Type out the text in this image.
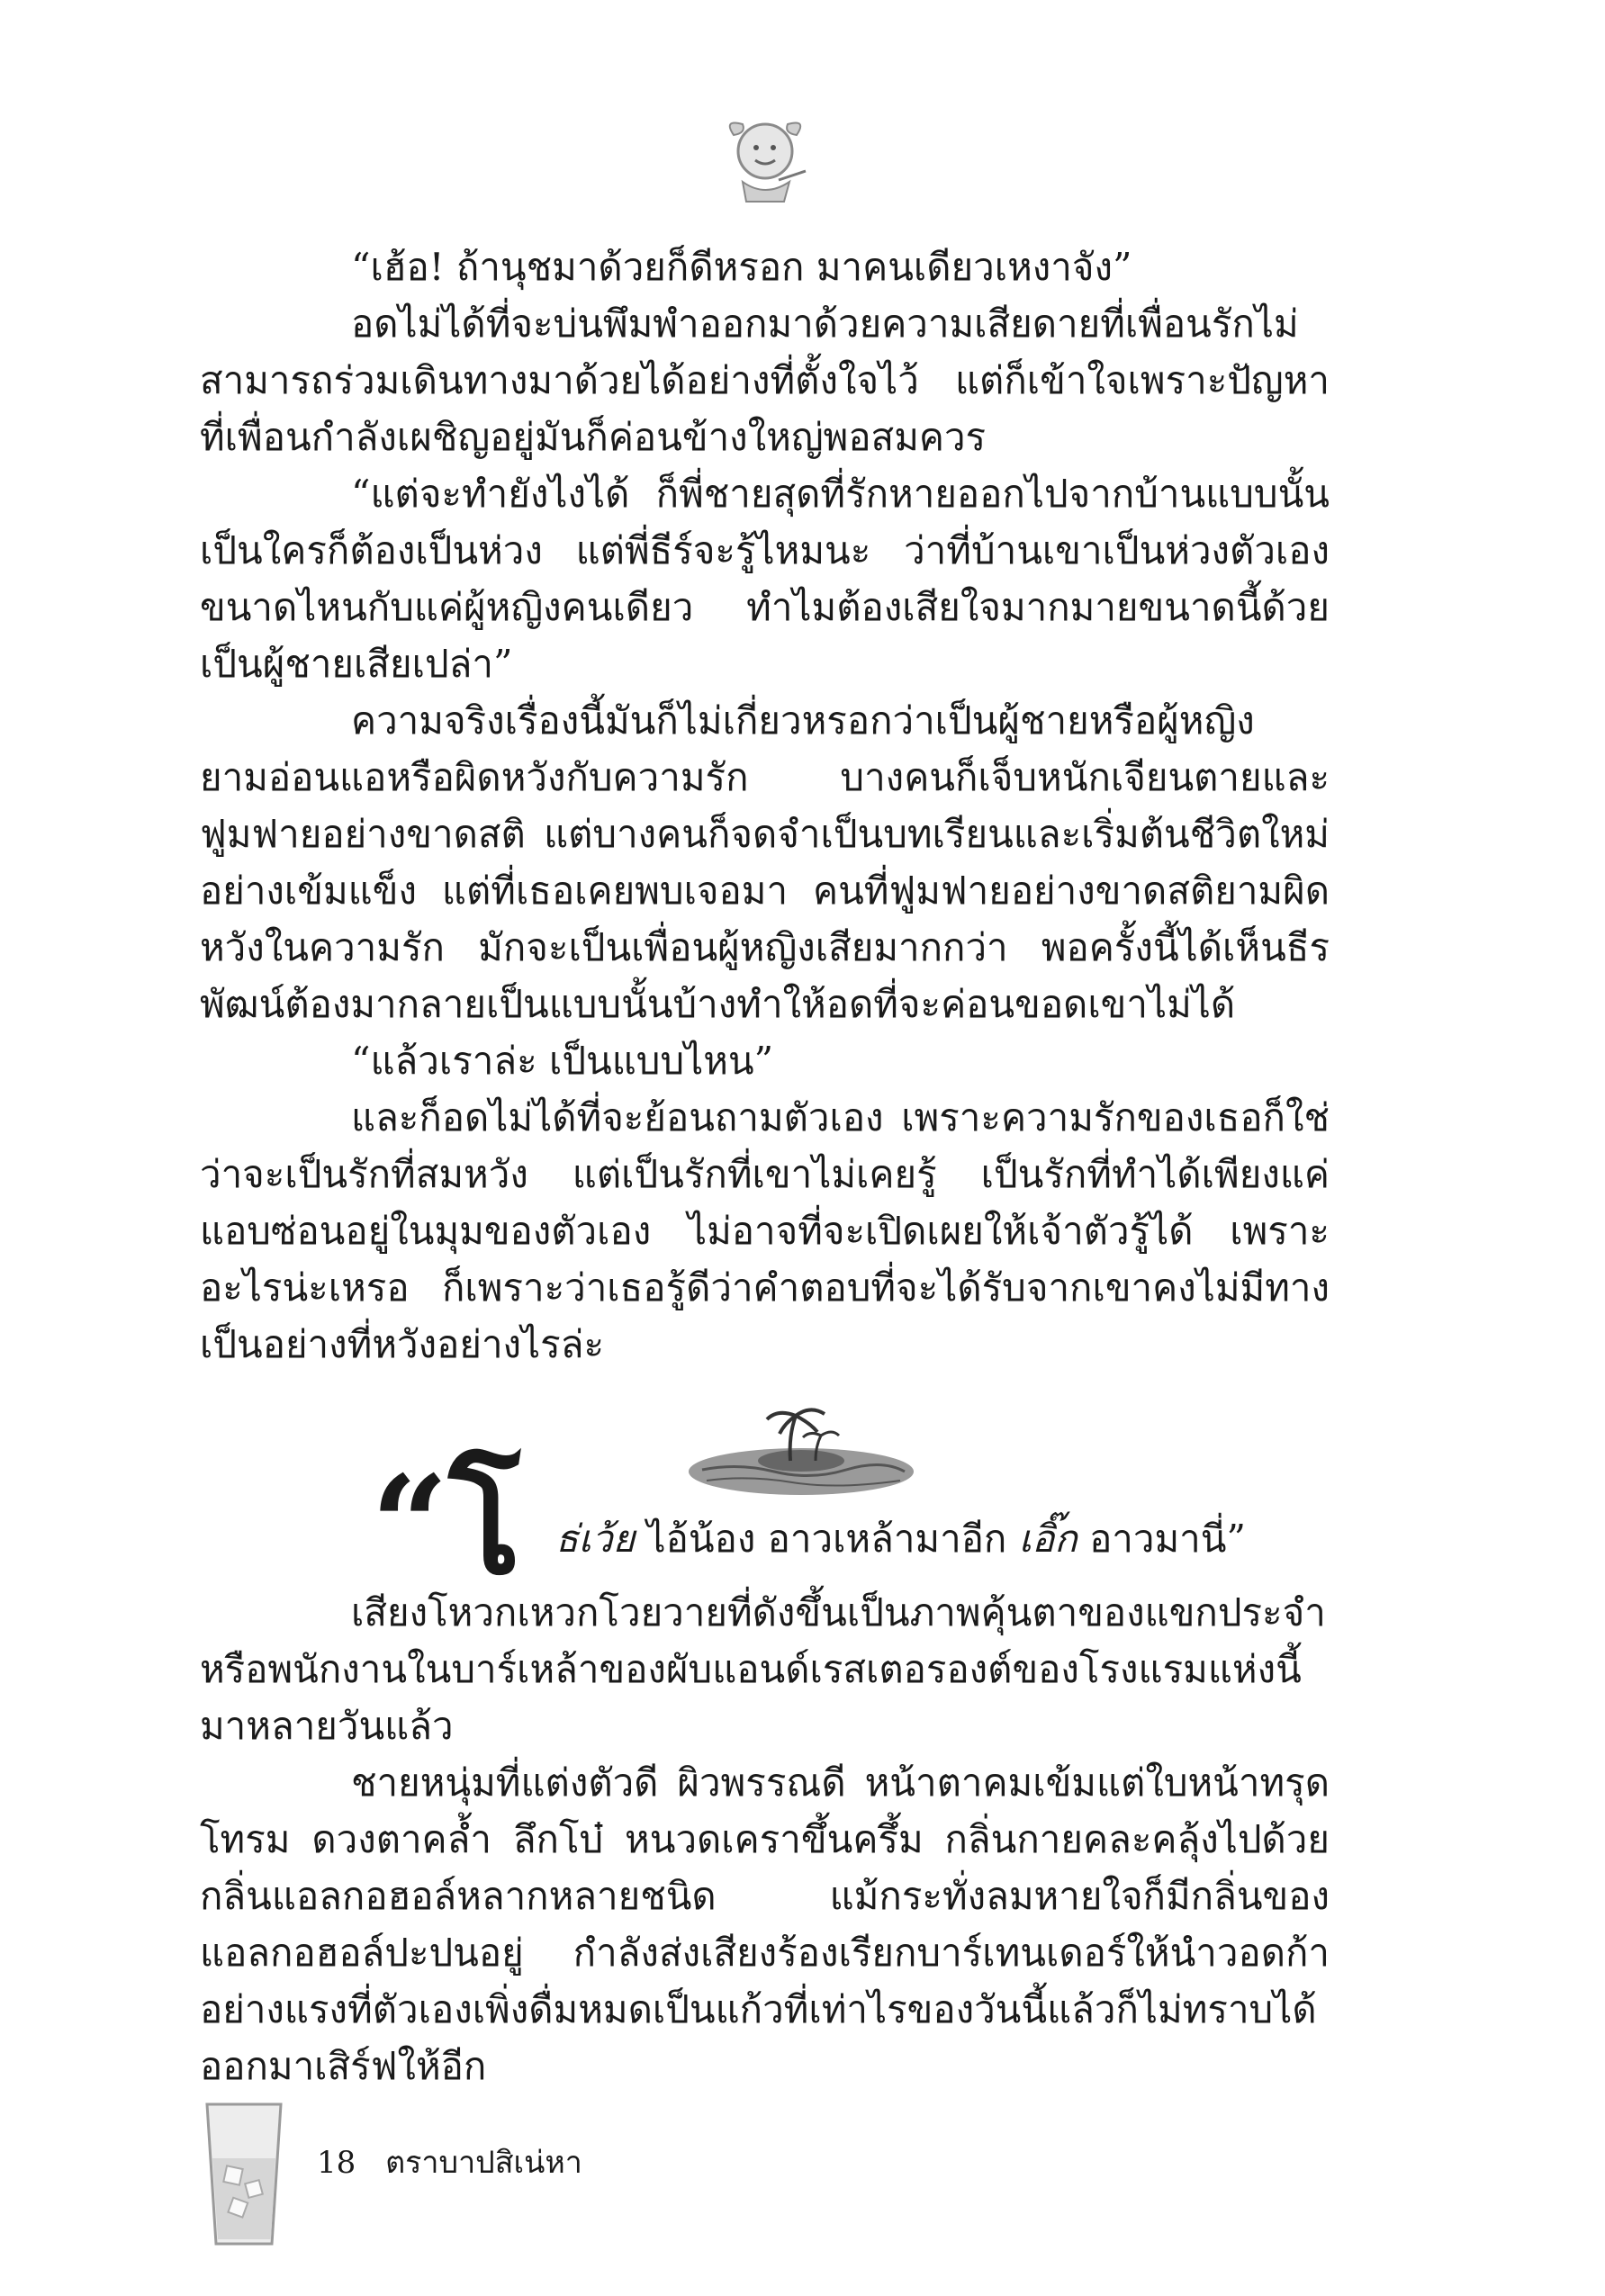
“เฮ้อ! ถ้านุชมาด้วยก็ดีหรอก มาคนเดียวเหงาจัง”

อดไม่ได้ที่จะบ่นพึมพำออกมาด้วยความเสียดายที่เพื่อนรักไม่สามารถร่วมเดินทางมาด้วยได้อย่างที่ตั้งใจไว้ แต่ก็เข้าใจเพราะปัญหาที่เพื่อนกำลังเผชิญอยู่มันก็ค่อนข้างใหญ่พอสมควร

“แต่จะทำยังไงได้ ก็พี่ชายสุดที่รักหายออกไปจากบ้านแบบนั้นเป็นใครก็ต้องเป็นห่วง แต่พี่ธีร์จะรู้ไหมนะ ว่าที่บ้านเขาเป็นห่วงตัวเองขนาดไหนกับแค่ผู้หญิงคนเดียว ทำไมต้องเสียใจมากมายขนาดนี้ด้วย เป็นผู้ชายเสียเปล่า”

ความจริงเรื่องนี้มันก็ไม่เกี่ยวหรอกว่าเป็นผู้ชายหรือผู้หญิง ยามอ่อนแอหรือผิดหวังกับความรัก บางคนก็เจ็บหนักเจียนตายและฟูมฟายอย่างขาดสติ แต่บางคนก็จดจำเป็นบทเรียนและเริ่มต้นชีวิตใหม่อย่างเข้มแข็ง แต่ที่เธอเคยพบเจอมา คนที่ฟูมฟายอย่างขาดสติยามผิดหวังในความรัก มักจะเป็นเพื่อนผู้หญิงเสียมากกว่า พอครั้งนี้ได้เห็นธีรพัฒน์ต้องมากลายเป็นแบบนั้นบ้างทำให้อดที่จะค่อนขอดเขาไม่ได้

“แล้วเราล่ะ เป็นแบบไหน”

และก็อดไม่ได้ที่จะย้อนถามตัวเอง เพราะความรักของเธอก็ใช่ว่าจะเป็นรักที่สมหวัง แต่เป็นรักที่เขาไม่เคยรู้ เป็นรักที่ทำได้เพียงแค่แอบซ่อนอยู่ในมุมของตัวเอง ไม่อาจที่จะเปิดเผยให้เจ้าตัวรู้ได้ เพราะอะไรน่ะเหรอ ก็เพราะว่าเธอรู้ดีว่าคำตอบที่จะได้รับจากเขาคงไม่มีทางเป็นอย่างที่หวังอย่างไรล่ะ

“โ ธ่เว้ย ไอ้น้อง อาวเหล้ามาอีก เอิ๊ก อาวมานี่”

เสียงโหวกเหวกโวยวายที่ดังขึ้นเป็นภาพคุ้นตาของแขกประจำหรือพนักงานในบาร์เหล้าของผับแอนด์เรสเตอรองต์ของโรงแรมแห่งนี้มาหลายวันแล้ว

ชายหนุ่มที่แต่งตัวดี ผิวพรรณดี หน้าตาคมเข้มแต่ใบหน้าทรุดโทรม ดวงตาคล้ำ ลึกโบ๋ หนวดเคราขึ้นครึ้ม กลิ่นกายคละคลุ้งไปด้วยกลิ่นแอลกอฮอล์หลากหลายชนิด แม้กระทั่งลมหายใจก็มีกลิ่นของแอลกอฮอล์ปะปนอยู่ กำลังส่งเสียงร้องเรียกบาร์เทนเดอร์ให้นำวอดก้าอย่างแรงที่ตัวเองเพิ่งดื่มหมดเป็นแก้วที่เท่าไรของวันนี้แล้วก็ไม่ทราบได้ออกมาเสิร์ฟให้อีก

18 ตราบาปสิเน่หา
